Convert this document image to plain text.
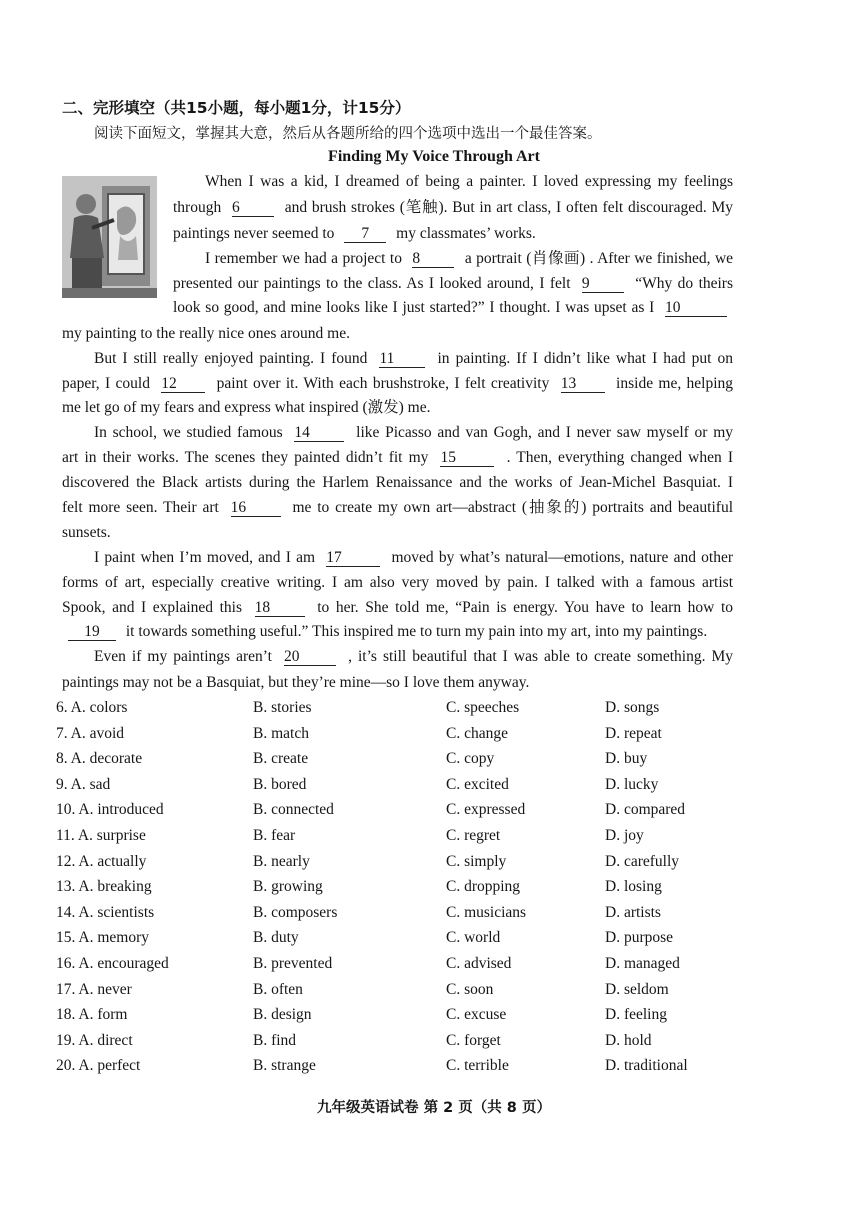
二、完形填空（共15小题，每小题1分，计15分）
阅读下面短文，掌握其大意，然后从各题所给的四个选项中选出一个最佳答案。
Finding My Voice Through Art
When I was a kid, I dreamed of being a painter. I loved expressing my feelings
through 6	and brush strokes (笔触). But in art class, I often felt discouraged. My
paintings never seemed to 7 my classmates’ works.
I remember we had a project to 8	a portrait (肖像画) . After we finished, we
presented our paintings to the class. As I looked around, I felt 9	“Why do theirs
look so good, and mine looks like I just started?” I thought. I was upset as I 10
my painting to the really nice ones around me.
But I still really enjoyed painting. I found 11	in painting. If I didn’t like what I had put on
paper, I could 12	paint over it. With each brushstroke, I felt creativity 13	inside me, helping
me let go of my fears and express what inspired (激发) me.
In school, we studied famous 14	like Picasso and van Gogh, and I never saw myself or my
art in their works. The scenes they painted didn’t fit my 15	. Then, everything changed when I
discovered the Black artists during the Harlem Renaissance and the works of Jean-Michel Basquiat. I
felt more seen. Their art 16	me to create my own art—abstract (抽象的) portraits and beautiful
sunsets.
I paint when I’m moved, and I am 17	moved by what’s natural—emotions, nature and other
forms of art, especially creative writing. I am also very moved by pain. I talked with a famous artist
Spook, and I explained this 18	to her. She told me, “Pain is energy. You have to learn how to
19 it towards something useful.” This inspired me to turn my pain into my art, into my paintings.
Even if my paintings aren’t 20	, it’s still beautiful that I was able to create something. My
paintings may not be a Basquiat, but they’re mine—so I love them anyway.
6. A. colors	B. stories	C. speeches	D. songs
7. A. avoid	B. match	C. change	D. repeat
8. A. decorate	B. create	C. copy	D. buy
9. A. sad	B. bored	C. excited	D. lucky
10. A. introduced	B. connected	C. expressed	D. compared
11. A. surprise	B. fear	C. regret	D. joy
12. A. actually	B. nearly	C. simply	D. carefully
13. A. breaking	B. growing	C. dropping	D. losing
14. A. scientists	B. composers	C. musicians	D. artists
15. A. memory	B. duty	C. world	D. purpose
16. A. encouraged	B. prevented	C. advised	D. managed
17. A. never	B. often	C. soon	D. seldom
18. A. form	B. design	C. excuse	D. feeling
19. A. direct	B. find	C. forget	D. hold
20. A. perfect	B. strange	C. terrible	D. traditional
九年级英语试卷 第 2 页（共 8 页）
